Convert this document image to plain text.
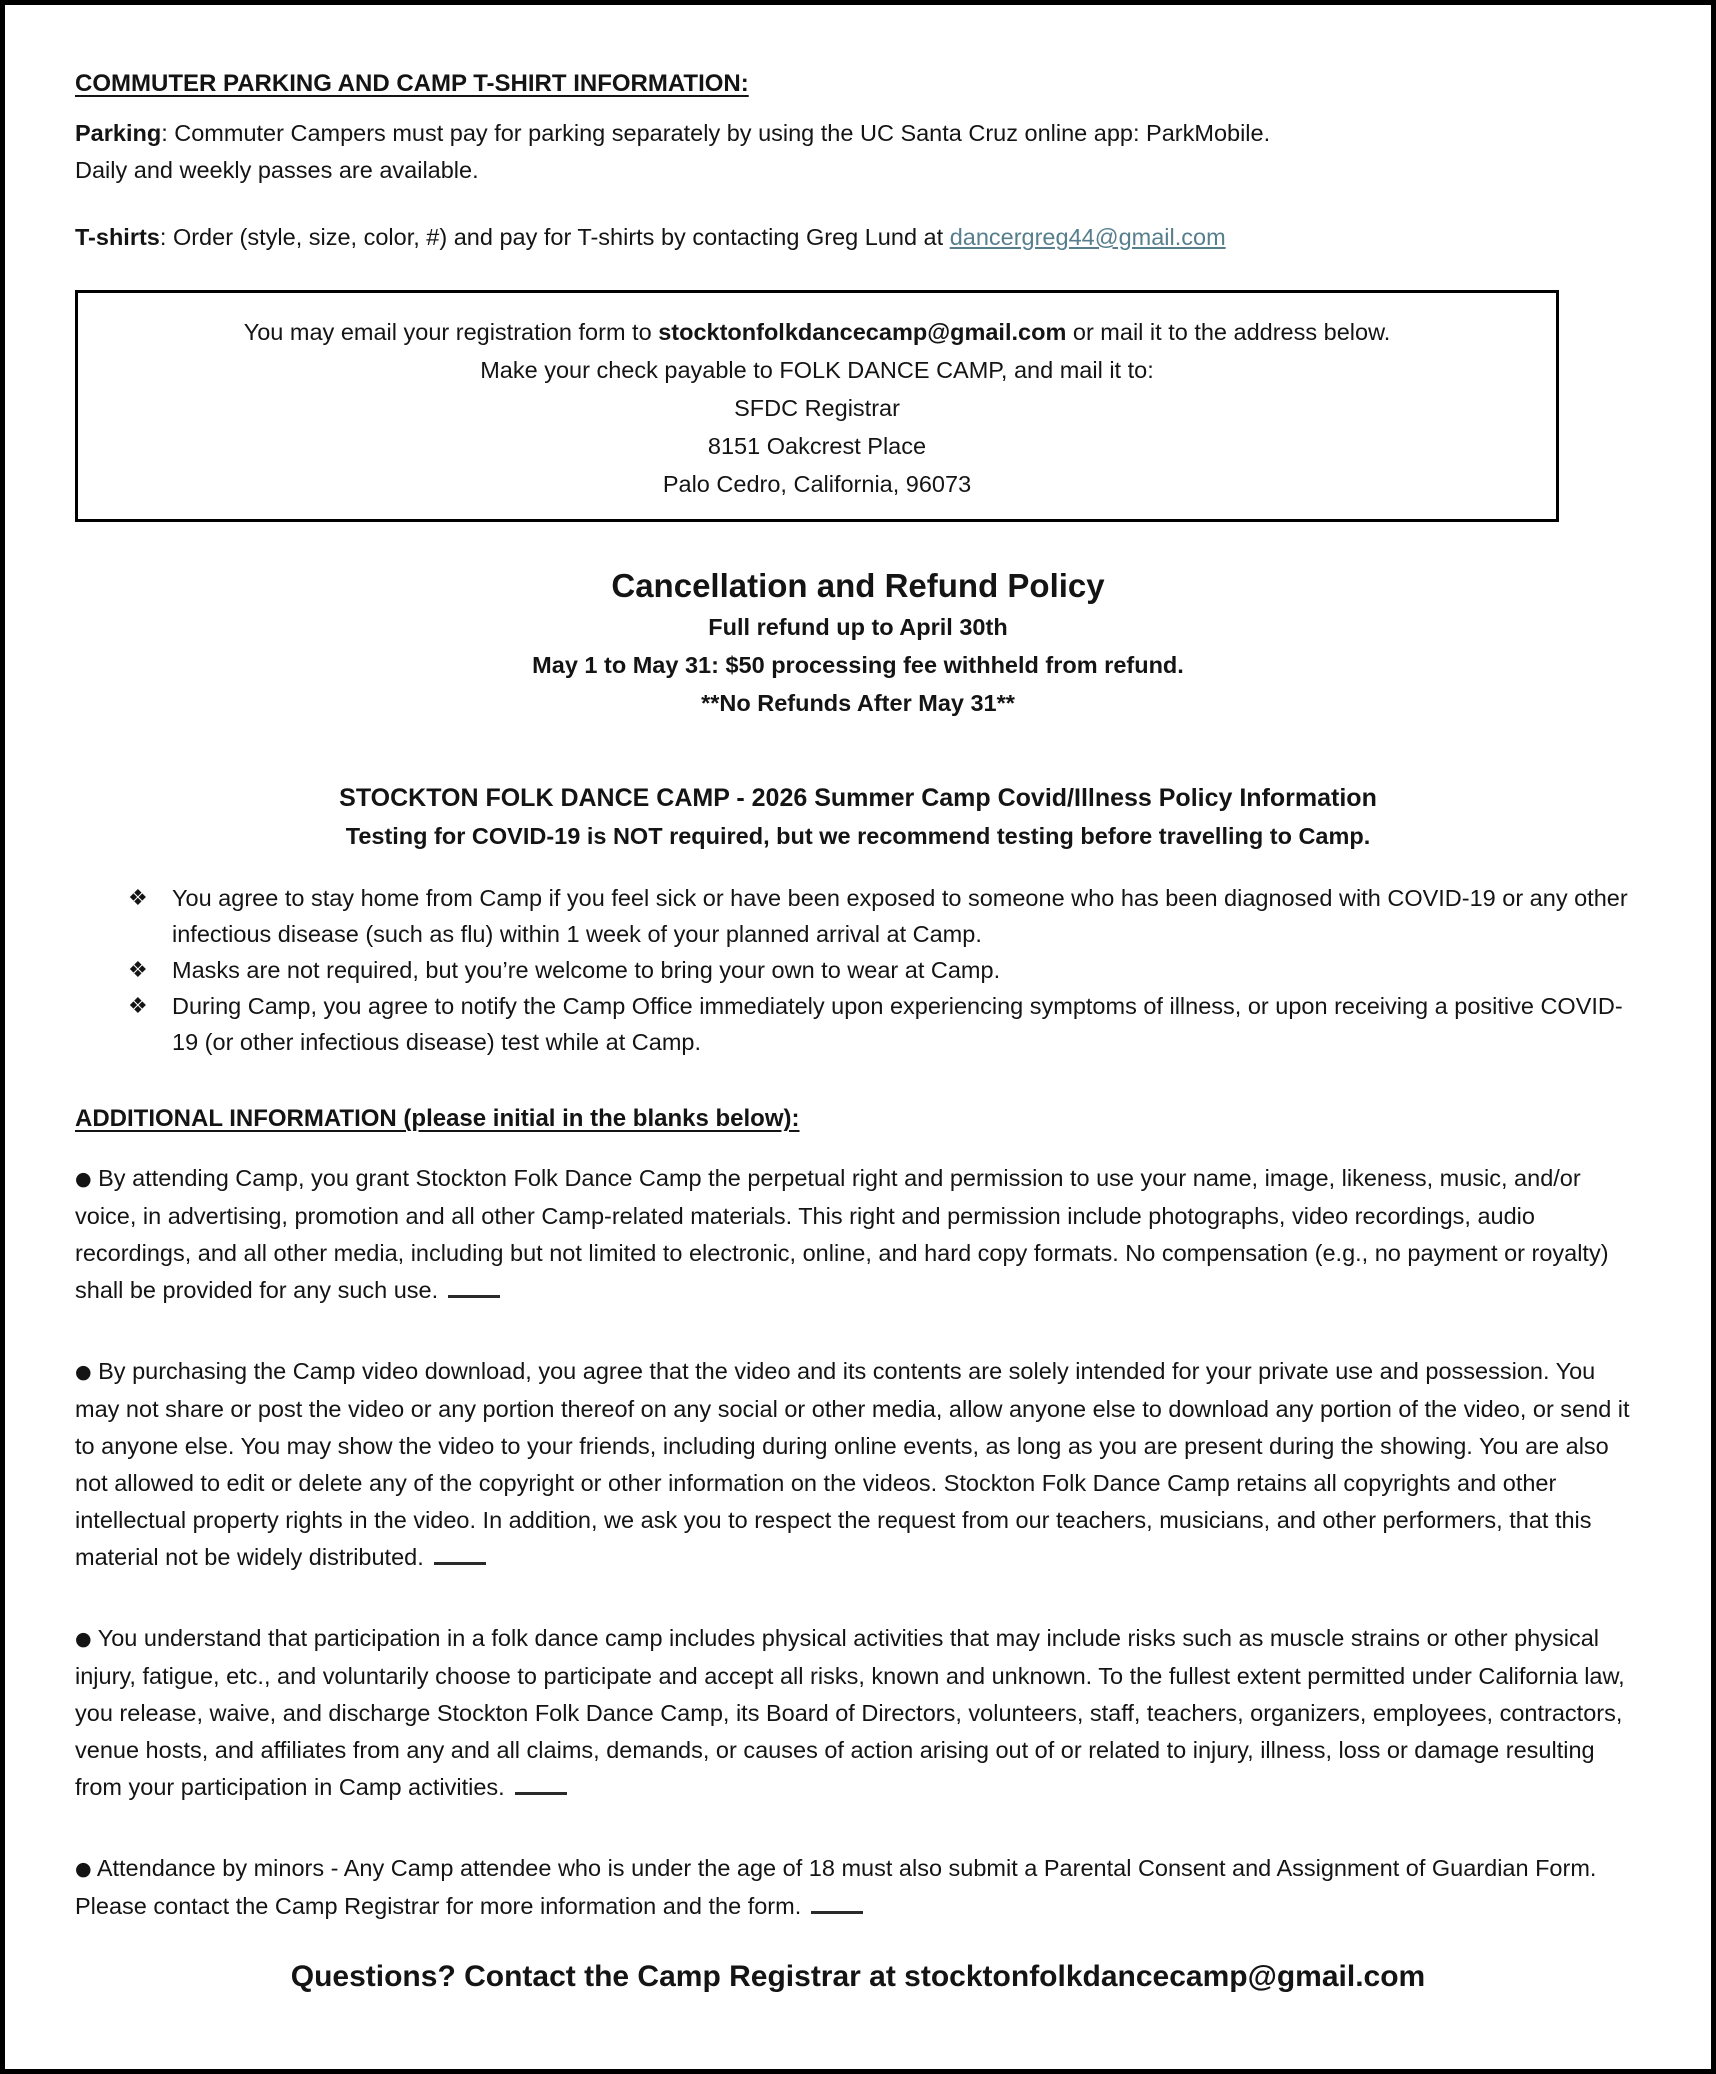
COMMUTER PARKING AND CAMP T-SHIRT INFORMATION:

Parking: Commuter Campers must pay for parking separately by using the UC Santa Cruz online app: ParkMobile.
Daily and weekly passes are available.

T-shirts: Order (style, size, color, #) and pay for T-shirts by contacting Greg Lund at dancergreg44@gmail.com

You may email your registration form to stocktonfolkdancecamp@gmail.com or mail it to the address below.

Make your check payable to FOLK DANCE CAMP, and mail it to:

SFDC Registrar

8151 Oakcrest Place

Palo Cedro, California, 96073

Cancellation and Refund Policy

Full refund up to April 30th

May 1 to May 31: $50 processing fee withheld from refund.

**No Refunds After May 31**

STOCKTON FOLK DANCE CAMP - 2026 Summer Camp Covid/Illness Policy Information

Testing for COVID-19 is NOT required, but we recommend testing before travelling to Camp.

❖ You agree to stay home from Camp if you feel sick or have been exposed to someone who has been diagnosed with COVID-19 or any other infectious disease (such as flu) within 1 week of your planned arrival at Camp.
❖ Masks are not required, but you’re welcome to bring your own to wear at Camp.
❖ During Camp, you agree to notify the Camp Office immediately upon experiencing symptoms of illness, or upon receiving a positive COVID-19 (or other infectious disease) test while at Camp.
ADDITIONAL INFORMATION (please initial in the blanks below):

● By attending Camp, you grant Stockton Folk Dance Camp the perpetual right and permission to use your name, image, likeness, music, and/or voice, in advertising, promotion and all other Camp-related materials. This right and permission include photographs, video recordings, audio recordings, and all other media, including but not limited to electronic, online, and hard copy formats. No compensation (e.g., no payment or royalty) shall be provided for any such use.

● By purchasing the Camp video download, you agree that the video and its contents are solely intended for your private use and possession. You may not share or post the video or any portion thereof on any social or other media, allow anyone else to download any portion of the video, or send it to anyone else. You may show the video to your friends, including during online events, as long as you are present during the showing. You are also not allowed to edit or delete any of the copyright or other information on the videos. Stockton Folk Dance Camp retains all copyrights and other intellectual property rights in the video. In addition, we ask you to respect the request from our teachers, musicians, and other performers, that this material not be widely distributed.

● You understand that participation in a folk dance camp includes physical activities that may include risks such as muscle strains or other physical injury, fatigue, etc., and voluntarily choose to participate and accept all risks, known and unknown. To the fullest extent permitted under California law, you release, waive, and discharge Stockton Folk Dance Camp, its Board of Directors, volunteers, staff, teachers, organizers, employees, contractors, venue hosts, and affiliates from any and all claims, demands, or causes of action arising out of or related to injury, illness, loss or damage resulting from your participation in Camp activities.

● Attendance by minors - Any Camp attendee who is under the age of 18 must also submit a Parental Consent and Assignment of Guardian Form. Please contact the Camp Registrar for more information and the form.

Questions? Contact the Camp Registrar at stocktonfolkdancecamp@gmail.com
